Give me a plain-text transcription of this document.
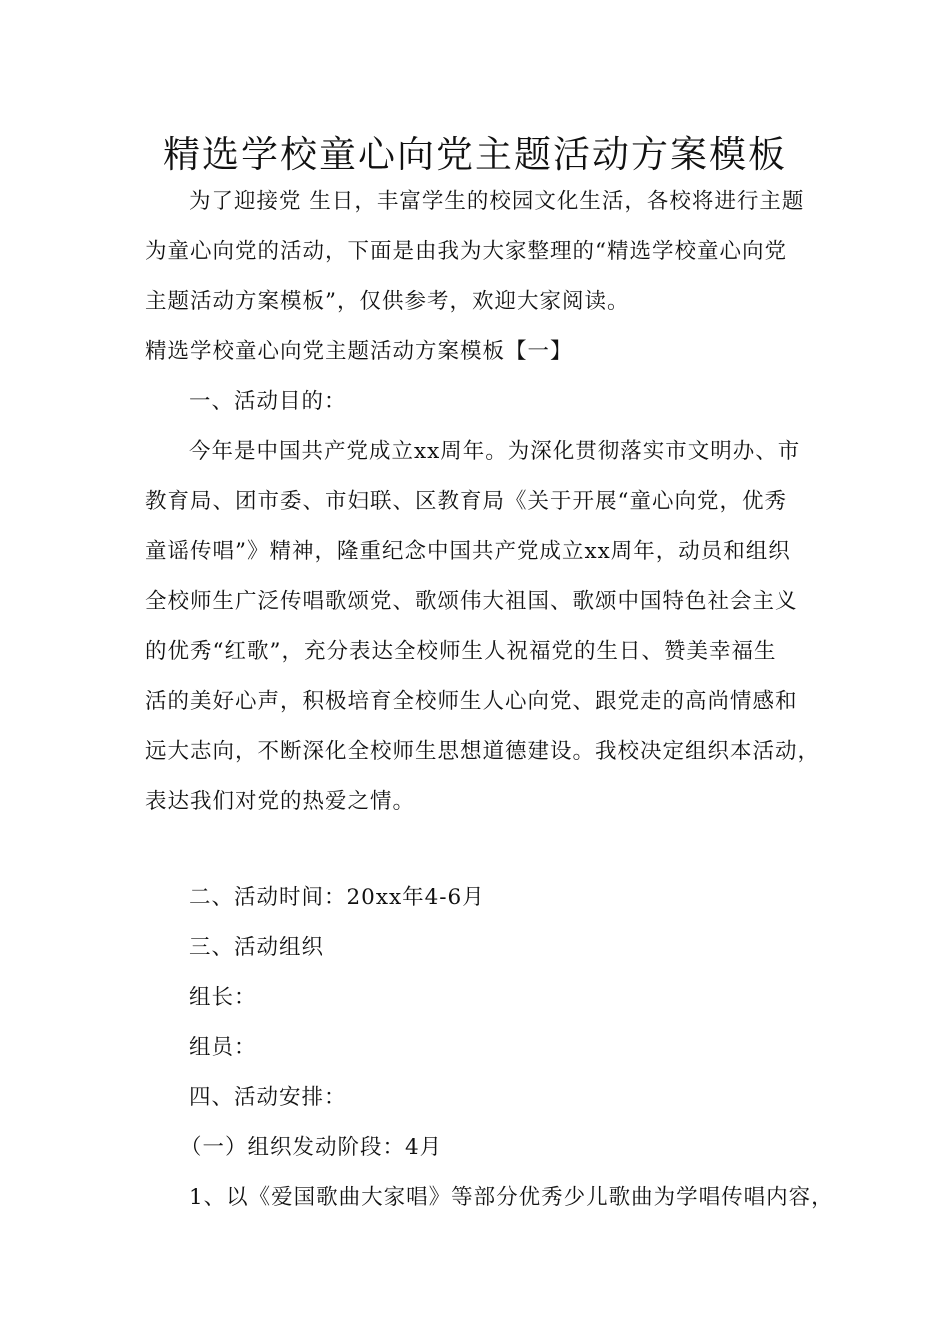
精选学校童心向党主题活动方案模板
为了迎接党 生日，丰富学生的校园文化生活，各校将进行主题
为童心向党的活动，下面是由我为大家整理的“精选学校童心向党
主题活动方案模板”，仅供参考，欢迎大家阅读。
精选学校童心向党主题活动方案模板【一】
一、活动目的：
今年是中国共产党成立xx周年。为深化贯彻落实市文明办、市
教育局、团市委、市妇联、区教育局《关于开展“童心向党，优秀
童谣传唱”》精神，隆重纪念中国共产党成立xx周年，动员和组织
全校师生广泛传唱歌颂党、歌颂伟大祖国、歌颂中国特色社会主义
的优秀“红歌”，充分表达全校师生人祝福党的生日、赞美幸福生
活的美好心声，积极培育全校师生人心向党、跟党走的高尚情感和
远大志向，不断深化全校师生思想道德建设。我校决定组织本活动，
表达我们对党的热爱之情。
二、活动时间：20xx年4-6月
三、活动组织
组长：
组员：
四、活动安排：
（一）组织发动阶段：4月
1、以《爱国歌曲大家唱》等部分优秀少儿歌曲为学唱传唱内容，
